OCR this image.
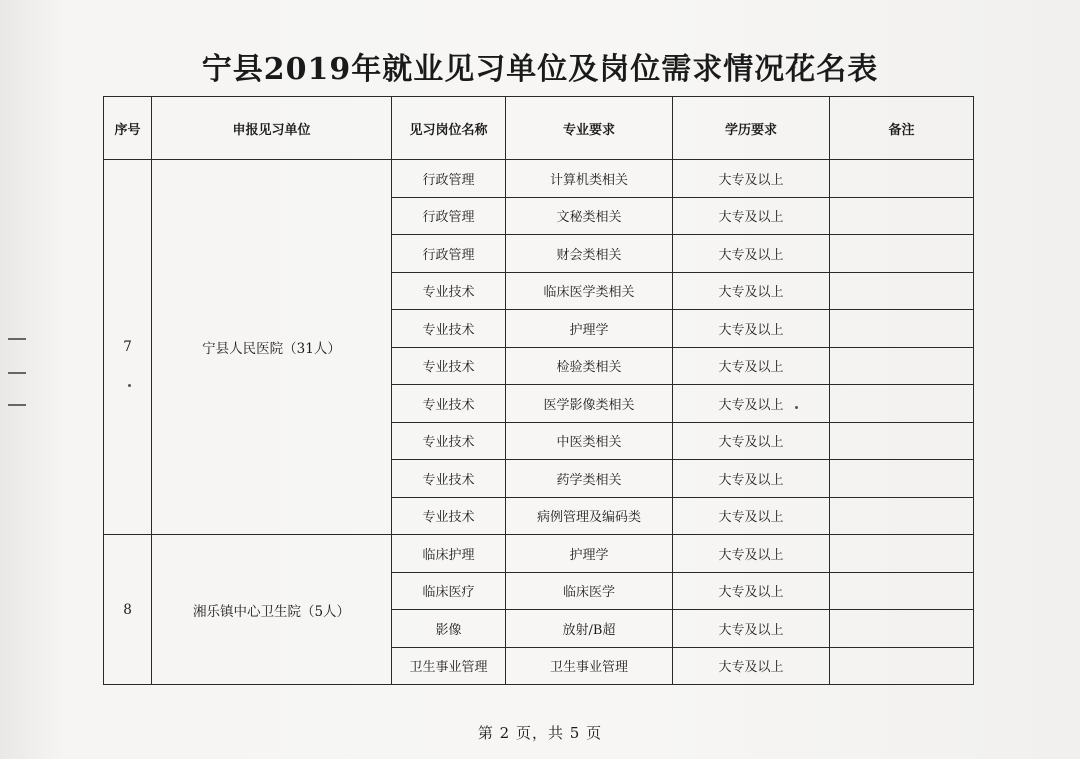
宁县2019年就业见习单位及岗位需求情况花名表
序号	申报见习单位	见习岗位名称	专业要求	学历要求	备注
7	宁县人民医院（31人）	行政管理	计算机类相关	大专及以上	
		行政管理	文秘类相关	大专及以上	
		行政管理	财会类相关	大专及以上	
		专业技术	临床医学类相关	大专及以上	
		专业技术	护理学	大专及以上	
		专业技术	检验类相关	大专及以上	
		专业技术	医学影像类相关	大专及以上	
		专业技术	中医类相关	大专及以上	
		专业技术	药学类相关	大专及以上	
		专业技术	病例管理及编码类	大专及以上	
8	湘乐镇中心卫生院（5人）	临床护理	护理学	大专及以上	
		临床医疗	临床医学	大专及以上	
		影像	放射/B超	大专及以上	
		卫生事业管理	卫生事业管理	大专及以上	
第 2 页，共 5 页
